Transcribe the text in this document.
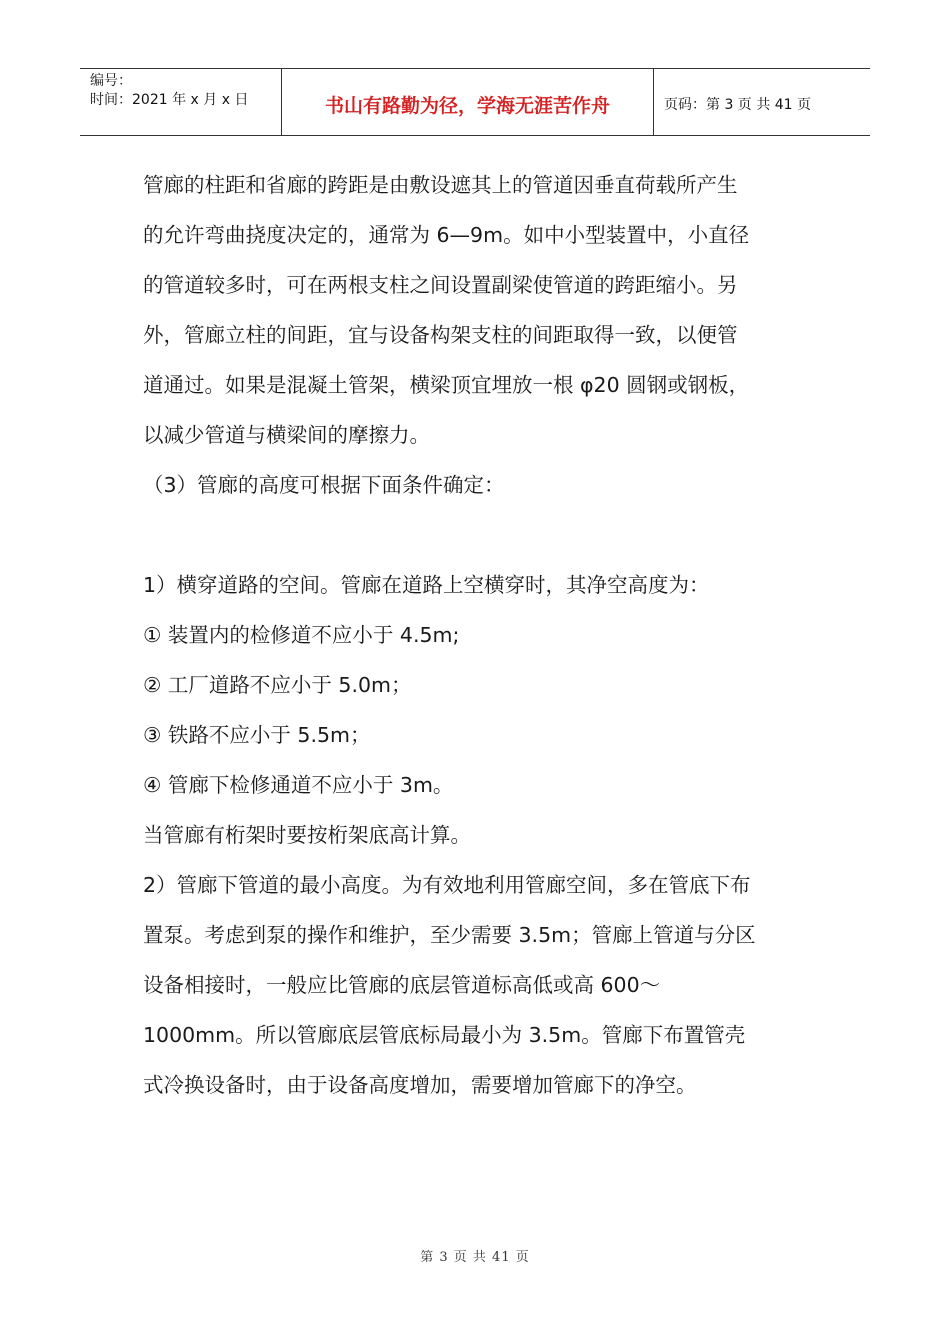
编号：
时间：2021 年 x 月 x 日	书山有路勤为径，学海无涯苦作舟	页码：第 3 页 共 41 页
管廊的柱距和省廊的跨距是由敷设遮其上的管道因垂直荷载所产生
的允许弯曲挠度决定的，通常为 6—9m。如中小型装置中，小直径
的管道较多时，可在两根支柱之间设置副梁使管道的跨距缩小。另
外，管廊立柱的间距，宜与设备构架支柱的间距取得一致，以便管
道通过。如果是混凝土管架，横梁顶宜埋放一根 φ20 圆钢或钢板，
以减少管道与横梁间的摩擦力。
（3）管廊的高度可根据下面条件确定：
1）横穿道路的空间。管廊在道路上空横穿时，其净空高度为：
① 装置内的检修道不应小于 4.5m;
② 工厂道路不应小于 5.0m；
③ 铁路不应小于 5.5m；
④ 管廊下检修通道不应小于 3m。
当管廊有桁架时要按桁架底高计算。
2）管廊下管道的最小高度。为有效地利用管廊空间，多在管底下布
置泵。考虑到泵的操作和维护，至少需要 3.5m；管廊上管道与分区
设备相接时，一般应比管廊的底层管道标高低或高 600～
1000mm。所以管廊底层管底标局最小为 3.5m。管廊下布置管壳
式冷换设备时，由于设备高度增加，需要增加管廊下的净空。
第 3 页 共 41 页
